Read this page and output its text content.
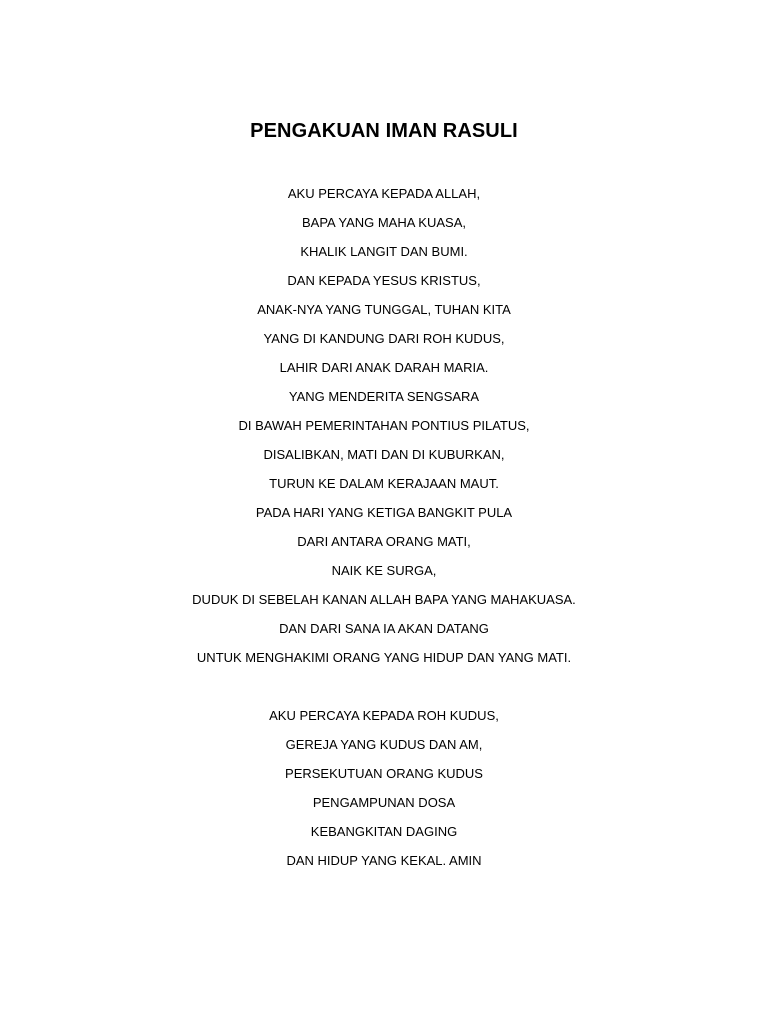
PENGAKUAN IMAN RASULI
AKU PERCAYA KEPADA ALLAH,
BAPA YANG MAHA KUASA,
KHALIK LANGIT DAN BUMI.
DAN KEPADA YESUS KRISTUS,
ANAK-NYA YANG TUNGGAL, TUHAN KITA
YANG DI KANDUNG DARI ROH KUDUS,
LAHIR DARI ANAK DARAH MARIA.
YANG MENDERITA SENGSARA
DI BAWAH PEMERINTAHAN PONTIUS PILATUS,
DISALIBKAN, MATI DAN DI KUBURKAN,
TURUN KE DALAM KERAJAAN MAUT.
PADA HARI YANG KETIGA BANGKIT PULA
DARI ANTARA ORANG MATI,
NAIK KE SURGA,
DUDUK DI SEBELAH KANAN ALLAH BAPA YANG MAHAKUASA.
DAN DARI SANA IA AKAN DATANG
UNTUK MENGHAKIMI ORANG YANG HIDUP DAN YANG MATI.
AKU PERCAYA KEPADA ROH KUDUS,
GEREJA YANG KUDUS DAN AM,
PERSEKUTUAN ORANG KUDUS
PENGAMPUNAN DOSA
KEBANGKITAN DAGING
DAN HIDUP YANG KEKAL. AMIN
